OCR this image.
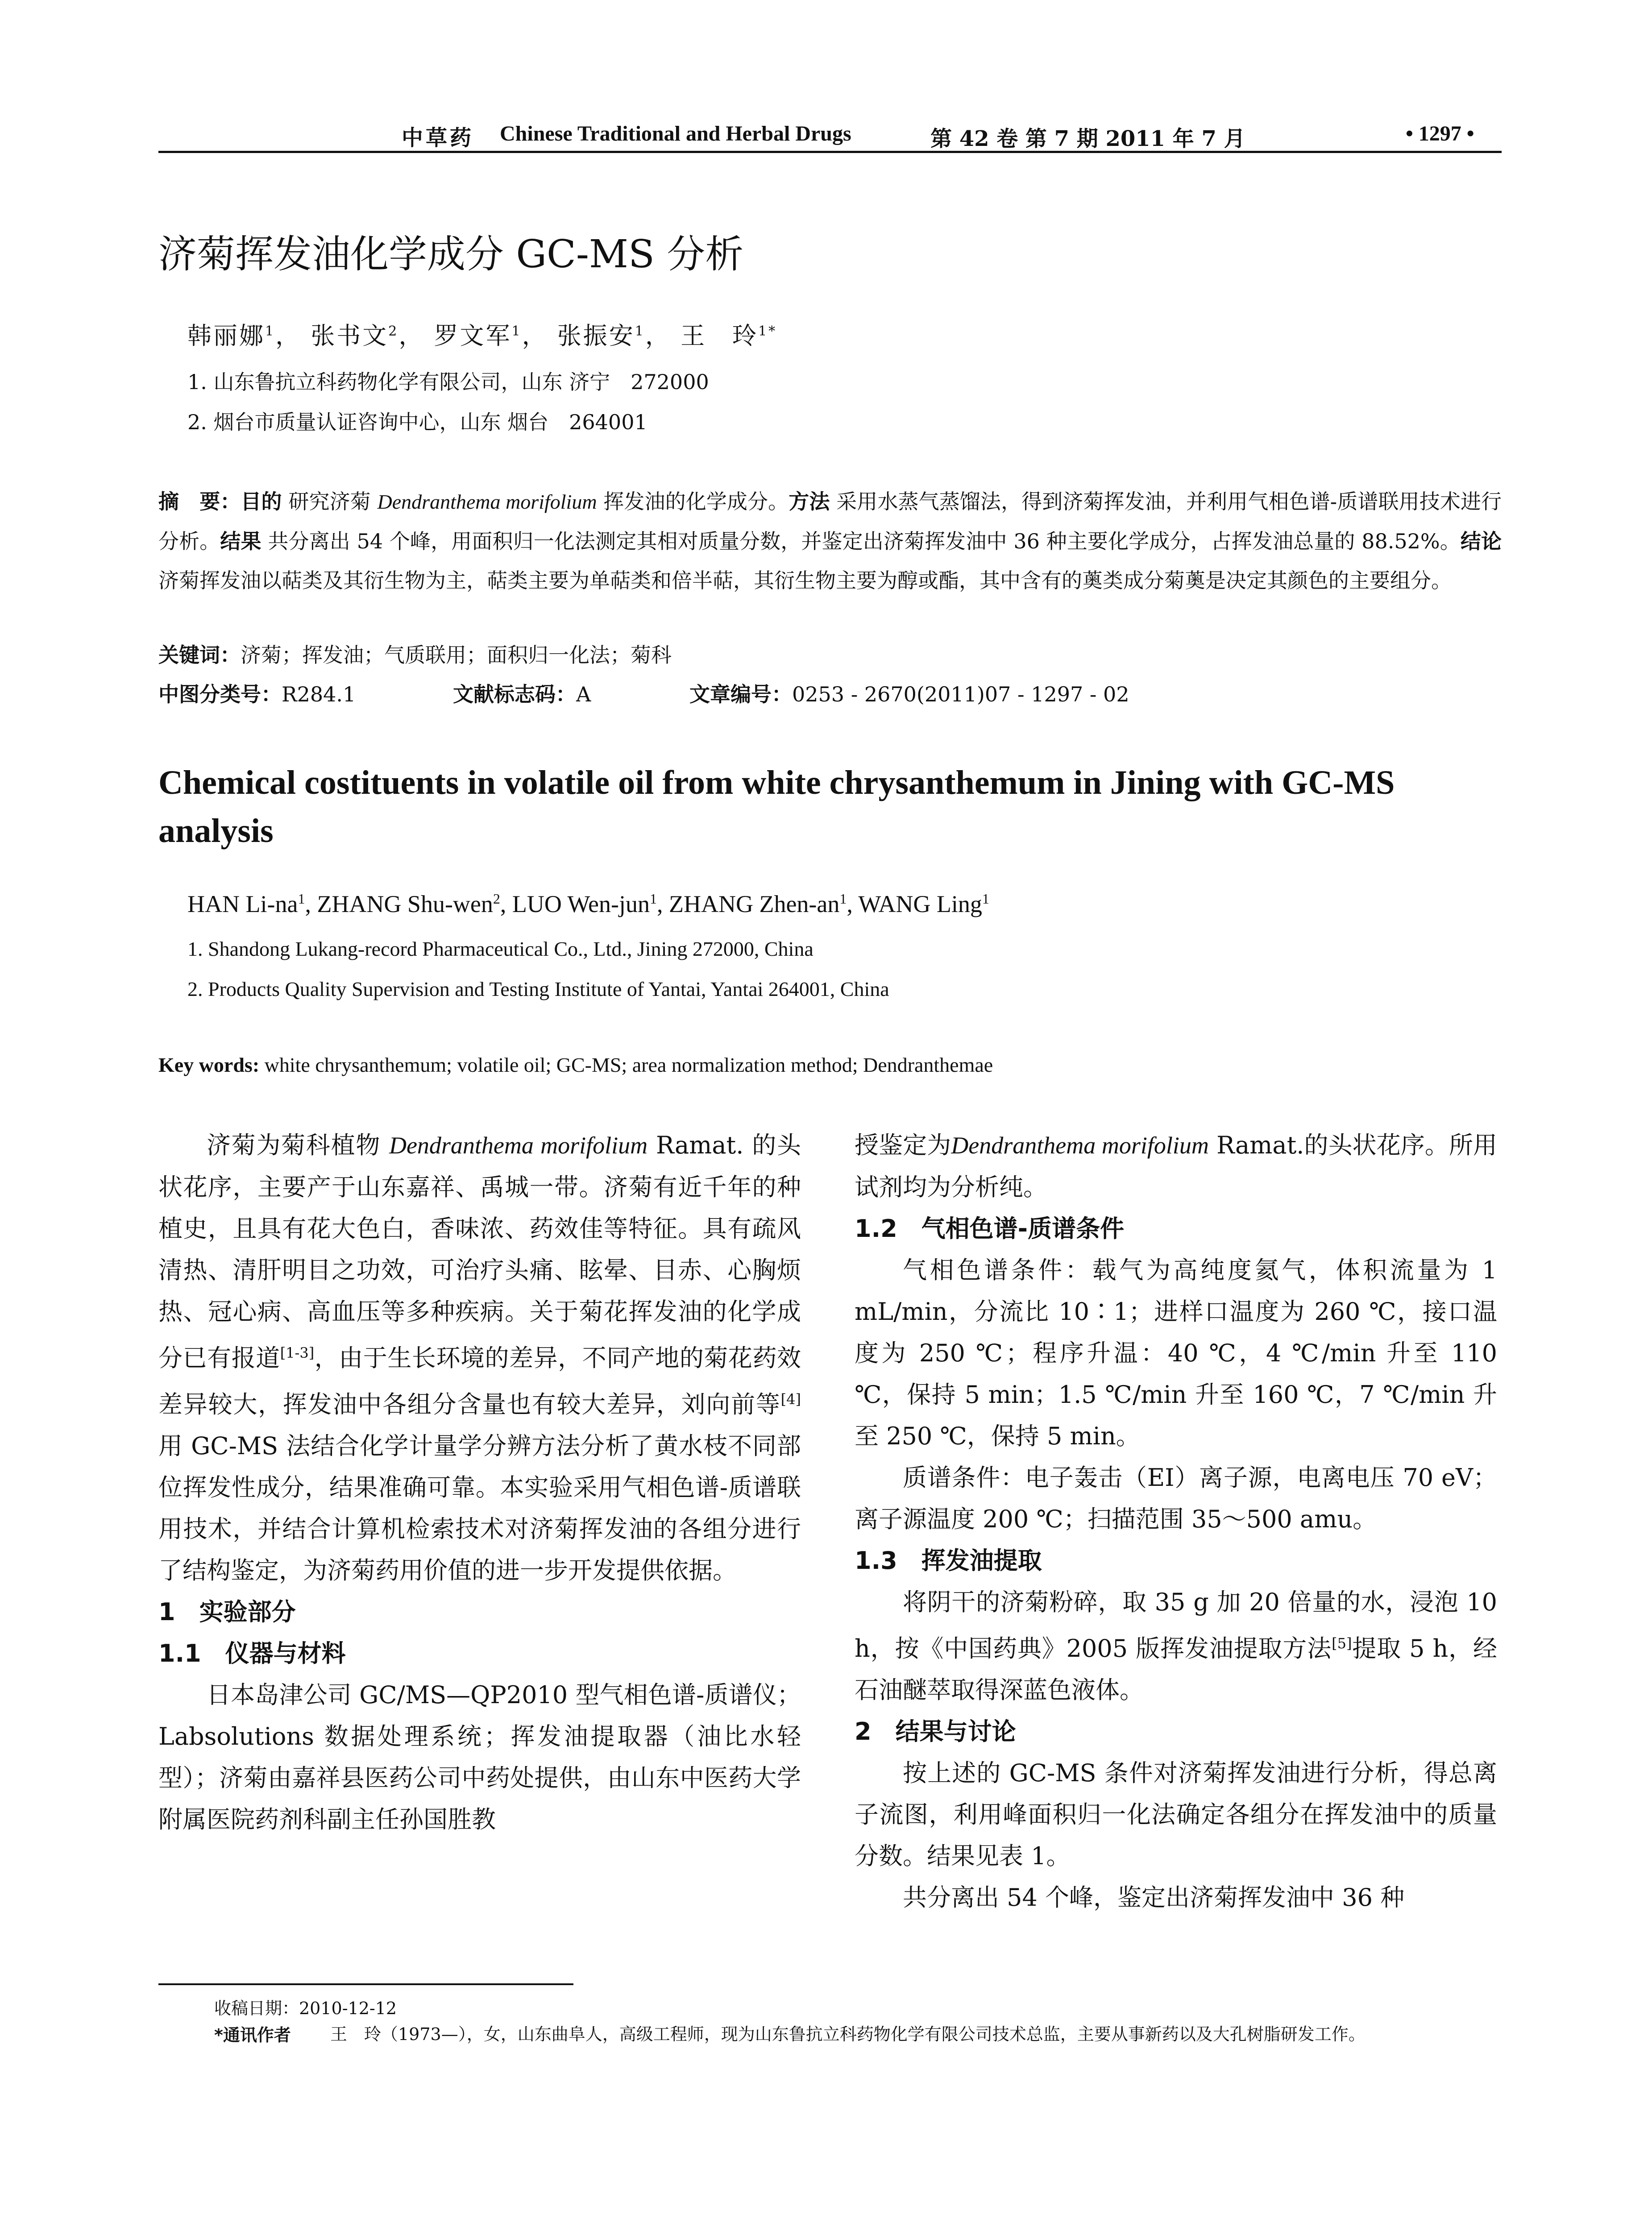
中草药 Chinese Traditional and Herbal Drugs	第 42 卷 第 7 期 2011 年 7 月	• 1297 •
济菊挥发油化学成分 GC-MS 分析
韩丽娜$^1$， 张书文$^2$， 罗文军$^1$， 张振安$^1$， 王　玲$^{1*}$
1. 山东鲁抗立科药物化学有限公司，山东 济宁　272000
2. 烟台市质量认证咨询中心，山东 烟台　264001
摘　要：目的 研究济菊 Dendranthema morifolium 挥发油的化学成分。方法 采用水蒸气蒸馏法，得到济菊挥发油，并利用气相色谱-质谱联用技术进行分析。结果 共分离出 54 个峰，用面积归一化法测定其相对质量分数，并鉴定出济菊挥发油中 36 种主要化学成分，占挥发油总量的 88.52%。结论 济菊挥发油以萜类及其衍生物为主，萜类主要为单萜类和倍半萜，其衍生物主要为醇或酯，其中含有的薁类成分菊薁是决定其颜色的主要组分。
关键词：济菊；挥发油；气质联用；面积归一化法；菊科
中图分类号：R284.1	文献标志码：A	文章编号：0253 - 2670(2011)07 - 1297 - 02
Chemical costituents in volatile oil from white chrysanthemum in Jining with GC-MS analysis
HAN $Li-na^1$, ZHANG Shu-wen$^2$, LUO Wen-jun$^1$, ZHANG Zhen-$an^1$, WANG Ling$^1$
1. Shandong Lukang-record Pharmaceutical Co., Ltd., Jining 272000, China
2. Products Quality Supervision and Testing Institute of Yantai, Yantai 264001, China
Key words: white chrysanthemum; volatile oil; GC-MS; area normalization method; Dendranthemae

济菊为菊科植物 Dendranthema morifolium Ramat. 的头状花序，主要产于山东嘉祥、禹城一带。济菊有近千年的种植史，且具有花大色白，香味浓、药效佳等特征。具有疏风清热、清肝明目之功效，可治疗头痛、眩晕、目赤、心胸烦热、冠心病、高血压等多种疾病。关于菊花挥发油的化学成分已有报道[1-3]，由于生长环境的差异，不同产地的菊花药效差异较大，挥发油中各组分含量也有较大差异，刘向前等[4]用 GC-MS 法结合化学计量学分辨方法分析了黄水枝不同部位挥发性成分，结果准确可靠。本实验采用气相色谱-质谱联用技术，并结合计算机检索技术对济菊挥发油的各组分进行了结构鉴定，为济菊药用价值的进一步开发提供依据。

1　实验部分
1.1　仪器与材料

日本岛津公司 GC/MS—QP2010 型气相色谱-质谱仪；Labsolutions 数据处理系统；挥发油提取器（油比水轻型）；济菊由嘉祥县医药公司中药处提供，由山东中医药大学附属医院药剂科副主任孙国胜教

授鉴定为Dendranthema morifolium Ramat.的头状花序。所用试剂均为分析纯。

1.2　气相色谱-质谱条件

气相色谱条件：载气为高纯度氦气，体积流量为 1 mL/min，分流比 10∶1；进样口温度为 260 ℃，接口温度为 250 ℃；程序升温：40 ℃，4 ℃/min 升至 110 ℃，保持 5 min；1.5 ℃/min 升至 160 ℃，7 ℃/min 升至 250 ℃，保持 5 min。

质谱条件：电子轰击（EI）离子源，电离电压 70 eV；离子源温度 200 ℃；扫描范围 35～500 amu。

1.3　挥发油提取

将阴干的济菊粉碎，取 35 g 加 20 倍量的水，浸泡 10 h，按《中国药典》2005 版挥发油提取方法[5]提取 5 h，经石油醚萃取得深蓝色液体。

2　结果与讨论

按上述的 GC-MS 条件对济菊挥发油进行分析，得总离子流图，利用峰面积归一化法确定各组分在挥发油中的质量分数。结果见表 1。

共分离出 54 个峰，鉴定出济菊挥发油中 36 种

收稿日期：2010-12-12
*通讯作者 王　玲（1973—），女，山东曲阜人，高级工程师，现为山东鲁抗立科药物化学有限公司技术总监，主要从事新药以及大孔树脂研发工作。
